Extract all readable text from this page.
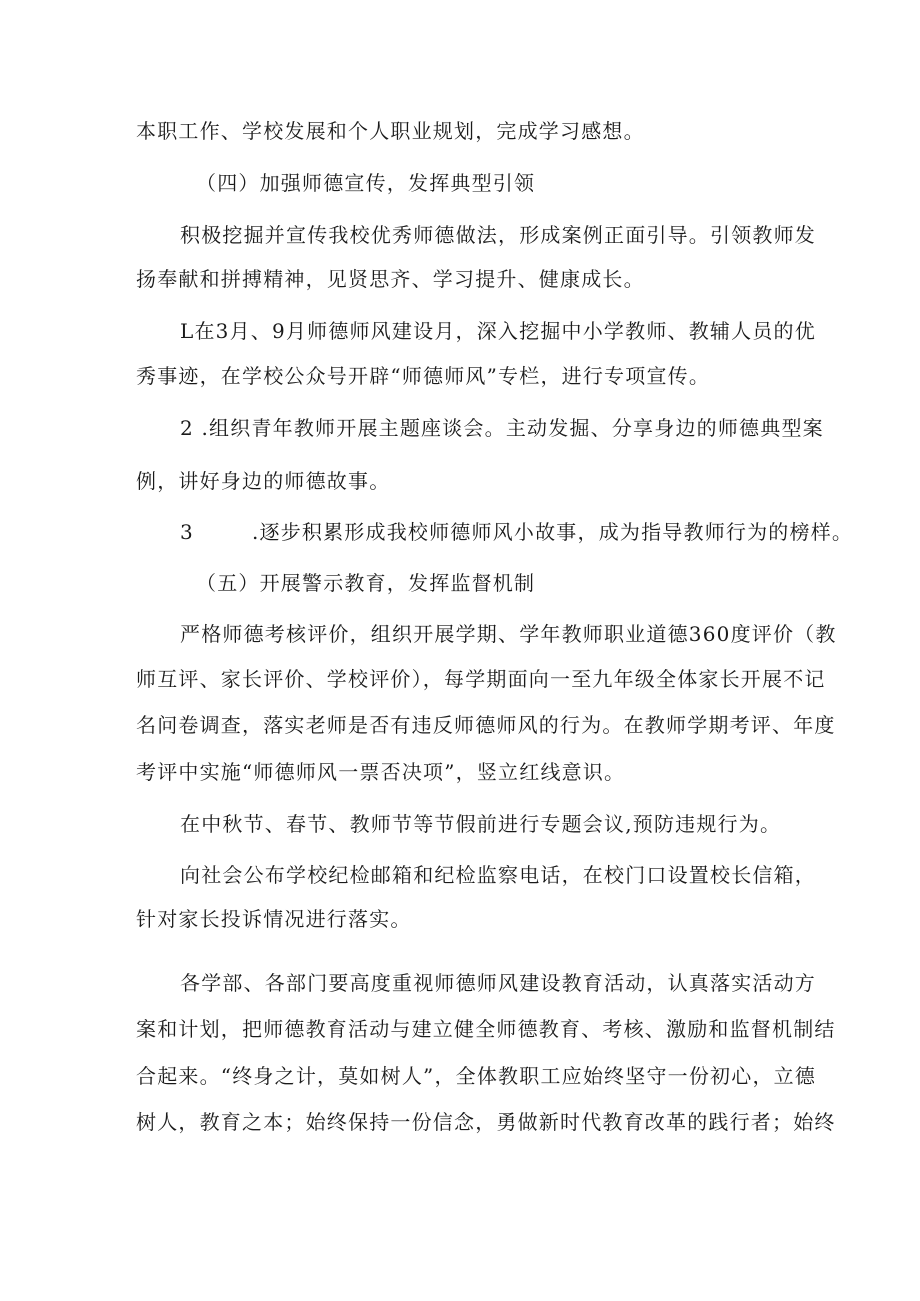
本职工作、学校发展和个人职业规划，完成学习感想。
（四）加强师德宣传，发挥典型引领
积极挖掘并宣传我校优秀师德做法，形成案例正面引导。引领教师发
扬奉献和拼搏精神，见贤思齐、学习提升、健康成长。
L在3月、9月师德师风建设月，深入挖掘中小学教师、教辅人员的优
秀事迹，在学校公众号开辟“师德师风”专栏，进行专项宣传。
2 .组织青年教师开展主题座谈会。主动发掘、分享身边的师德典型案
例，讲好身边的师德故事。
3	.逐步积累形成我校师德师风小故事，成为指导教师行为的榜样。
（五）开展警示教育，发挥监督机制
严格师德考核评价，组织开展学期、学年教师职业道德360度评价（教
师互评、家长评价、学校评价），每学期面向一至九年级全体家长开展不记
名问卷调查，落实老师是否有违反师德师风的行为。在教师学期考评、年度
考评中实施“师德师风一票否决项”，竖立红线意识。
在中秋节、春节、教师节等节假前进行专题会议,预防违规行为。
向社会公布学校纪检邮箱和纪检监察电话，在校门口设置校长信箱，
针对家长投诉情况进行落实。
各学部、各部门要高度重视师德师风建设教育活动，认真落实活动方
案和计划，把师德教育活动与建立健全师德教育、考核、激励和监督机制结
合起来。“终身之计，莫如树人”，全体教职工应始终坚守一份初心，立德
树人，教育之本；始终保持一份信念，勇做新时代教育改革的践行者；始终
